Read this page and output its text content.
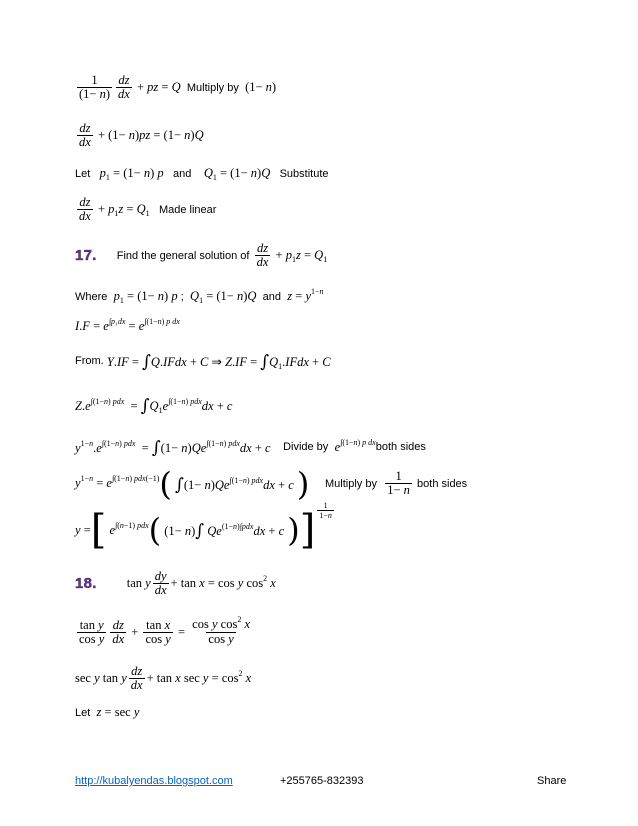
1
(1− n)
dz
dx + pz = Q Multiply by (1− n)
dz
dx + (1− n)pz = (1− n)Q
Let $p_1 = (1- n)$ p and	$Q_1 = (1- n)Q$ Substitute
dz
dx + $p_1z = Q_1$ Made linear
17. Find the general solution of

dz
dx + $p_1z = Q_1$
Where $p_1 = (1- n)$ p ; $Q_1 = (1- n)Q$ and $z = y^{1-n}$
$I.F = e^{\int p_1dx} = e^{\int(1-n) p dx}$
From. Y.IF = ∫Q.IFdx + C ⇒ $Z.IF = \int Q_1.IFdx + C$
$Z.e^{\int(1-n) pdx} = \int Q_1e^{\int(1-n) pdx}dx + c$
$y^{1-n}.e^{\int(1-n) pdx} = \int(1- n)Qe^{\int(1-n) pdx}dx + c$	Divide by $e^{\int(1-n) p dx}$ both sides
$y^{1-n} = e^{\int(1-n) pdx(-1)}$ ( $\int(1- n)Qe^{\int(1-n) pdx}dx + c$ )
Multiply by

1
1− n
both sides
y = [ $e^{\int(n-1) pdx}$ ( (1− n)∫ $Qe^{(1-n)\int pdx}dx + c$ ) ]
1
1−n
18. tan y dy
dx + tan x = cos y $\cos^2 x$
tan y
cos y
dz
dx + $\frac{\text{tan x}}{\text{cos y}} = \frac{\cos y \cos^2 x}{\text{cos y}}$
sec y tan y dz
dx + tan x $\sec y = \cos^2 x$
Let z = sec y
http://kubalyendas.blogspot.com	+255765-832393	Share
